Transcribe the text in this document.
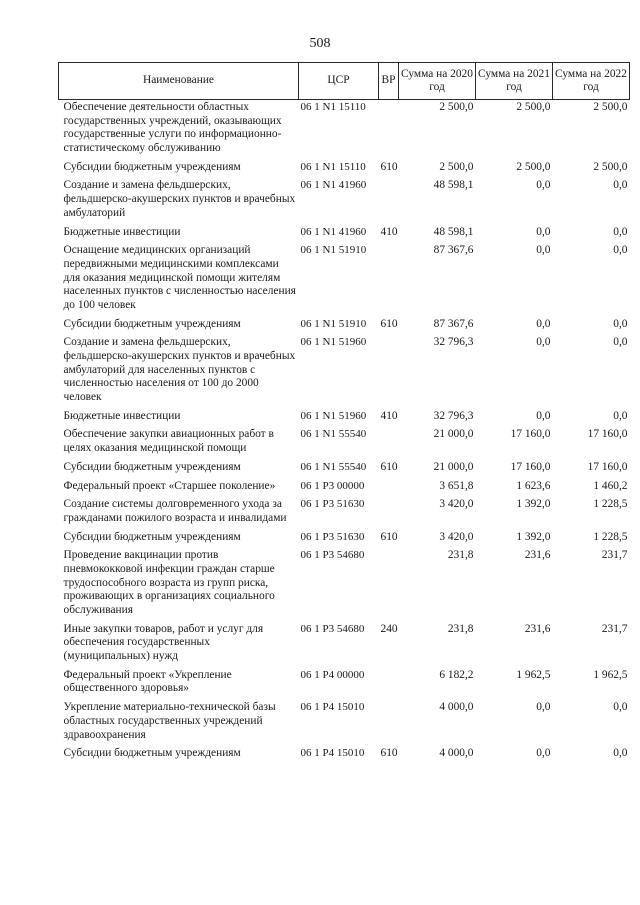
508
Наименование	ЦСР	ВР	Сумма на 2020 год	Сумма на 2021 год	Сумма на 2022 год
Обеспечение деятельности областных государственных учреждений, оказывающих государственные услуги по информационно-статистическому обслуживанию	06 1 N1 15110		2 500,0	2 500,0	2 500,0
Субсидии бюджетным учреждениям	06 1 N1 15110	610	2 500,0	2 500,0	2 500,0
Создание и замена фельдшерских, фельдшерско-акушерских пунктов и врачебных амбулаторий	06 1 N1 41960		48 598,1	0,0	0,0
Бюджетные инвестиции	06 1 N1 41960	410	48 598,1	0,0	0,0
Оснащение медицинских организаций передвижными медицинскими комплексами для оказания медицинской помощи жителям населенных пунктов с численностью населения до 100 человек	06 1 N1 51910		87 367,6	0,0	0,0
Субсидии бюджетным учреждениям	06 1 N1 51910	610	87 367,6	0,0	0,0
Создание и замена фельдшерских, фельдшерско-акушерских пунктов и врачебных амбулаторий для населенных пунктов с численностью населения от 100 до 2000 человек	06 1 N1 51960		32 796,3	0,0	0,0
Бюджетные инвестиции	06 1 N1 51960	410	32 796,3	0,0	0,0
Обеспечение закупки авиационных работ в целях оказания медицинской помощи	06 1 N1 55540		21 000,0	17 160,0	17 160,0
Субсидии бюджетным учреждениям	06 1 N1 55540	610	21 000,0	17 160,0	17 160,0
Федеральный проект «Старшее поколение»	06 1 P3 00000		3 651,8	1 623,6	1 460,2
Создание системы долговременного ухода за гражданами пожилого возраста и инвалидами	06 1 P3 51630		3 420,0	1 392,0	1 228,5
Субсидии бюджетным учреждениям	06 1 P3 51630	610	3 420,0	1 392,0	1 228,5
Проведение вакцинации против пневмококковой инфекции граждан старше трудоспособного возраста из групп риска, проживающих в организациях социального обслуживания	06 1 P3 54680		231,8	231,6	231,7
Иные закупки товаров, работ и услуг для обеспечения государственных (муниципальных) нужд	06 1 P3 54680	240	231,8	231,6	231,7
Федеральный проект «Укрепление общественного здоровья»	06 1 P4 00000		6 182,2	1 962,5	1 962,5
Укрепление материально-технической базы областных государственных учреждений здравоохранения	06 1 P4 15010		4 000,0	0,0	0,0
Субсидии бюджетным учреждениям	06 1 P4 15010	610	4 000,0	0,0	0,0
